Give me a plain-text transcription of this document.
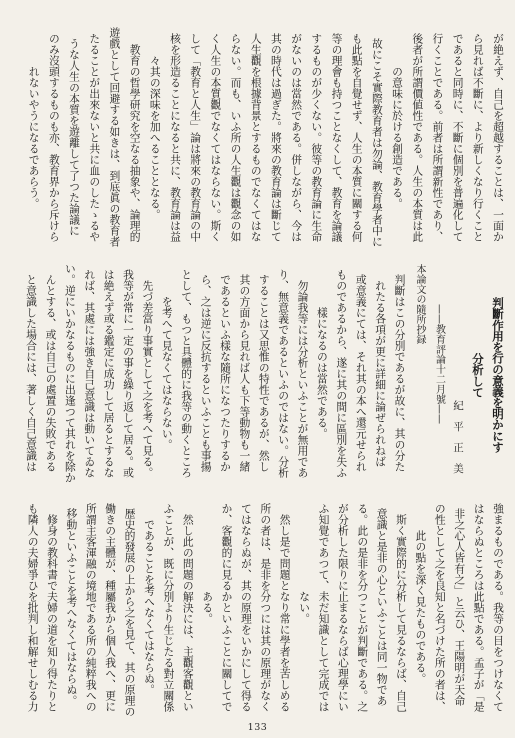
が絶えず、自己を超越することは、一面か
ら見れば不斷に、より新しくなり行くこと
であると同時に、不斷に個別を普遍化して
行くことである。前者は所謂新性であり、
後者が所謂價値性である。人生の本質は此
の意味に於ける創造である。
　故にこそ實際教育者は勿論、教育學者中に
も此點を自覺せず、人生の本質に關する何
等の理會も持つことなくして、教育を論議
するものが少くない。彼等の教育論に生命
がないのは當然である。併しながら、今は
其の時代は過ぎた。將來の教育論は斷じて
人生觀を根據背景とするものでなくてはな
らない。而も、いふ所の人生觀は觀念の如
く人生の本質觀でなくてはならない。斯く
して「教育と人生」論は將來の教育論の中
核を形造ることになると共に、教育論は益
々其の深味を加へることとなる。
　教育の哲學研究を空なる抽象や、論理的
遊戲として回避する如きは、到底眞の教育者
たることが出來ないと共に血のしたゝるや
うな人生の本質を遊離して了つた論議に
のみ沒頭するものも亦、教育界から斥けら
れないやうになるであらう。
判斷作用を行の意義を明かにす
分析して
紀　平　正　美
——教育評論十二月號——
本論文の隨所抄録
判斷はこの分別であるが故に、其の分た
れたる各項が更に詳細に論ぜられねば
或意義にては、それ其の本へ還元せられ
ものであるから、遂に其の間に區別を失ふ
樣になるのは當然である。
　勿論我等には分析といふことが無用であ
り、無意義であるといふのではない。分析
することは又思惟の特性であるが、然し
其の方面から見れば人も下等動物も一緒
であるといふ樣な隨所になつたりするか
ら、之は逆に反抗するといふことも事揚
として、もつと具體的に我等の動くところ
を考へて見なくてはならない。
　先づ差當り事實として之を考へて見る。
我等が常に一定の事を繰り返して居る。或
は絶えず或る鑑定に成功して居るとするな
れば、其處には強き自己意識は動いてゐな
い。逆にいかなるものに出逢つて其れを除か
んとする、或は自己の處置の失敗である
と意識した場合には、著しく自己意識は
強まるものである。我等の目をつけなくて
はならぬところは此點である。孟子が「是
非之心人皆有之」と云ひ、王陽明が天命
の性として之を良知と名づけた所の者は、
此の點を深く見たものである。
　斯く實際的に分析して見るならば、自己
意識と是非の心といふことは同一物であ
る。此の是非を分つことが判斷である。之
が分析した限りに止まるならば心理學にい
ふ知覺であつて、未だ知識として完成では
ない。
　然し是で問題となり常に學者を苦しめる
所の者は、是非を分つには其の原理がなく
てはならぬが、其の原理をいかにして得る
か、客觀的に見るかといふことに關してで
ある。
　然し此の問題の解決には、主觀客觀とい
ふことが、既に分別より生じたる對立關係
であることを考へなくてはならぬ。
　歴史的發展の上から之を見て、其の原理の
働きの主體が、種屬我から個人我へ、更に
所謂主客渾融の境地である所の純粹我への
移動といふことを考へなくてはならぬ。
　修身の教科書で夫婦の道を知り得たりと
も隣人の夫婦爭ひを批判し和解せしむる力
133
